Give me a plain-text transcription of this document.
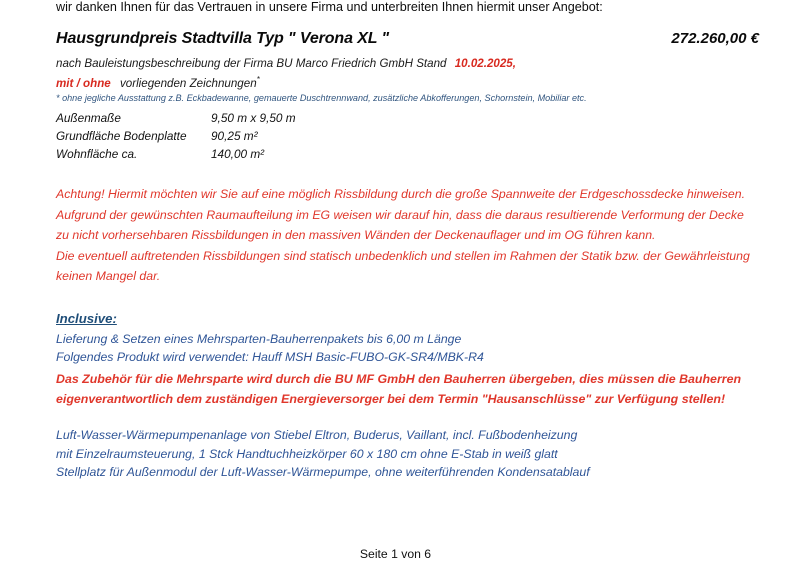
wir danken Ihnen für das Vertrauen in unsere Firma und unterbreiten Ihnen hiermit unser Angebot:
Hausgrundpreis Stadtvilla Typ " Verona XL "	272.260,00 €
nach Bauleistungsbeschreibung der Firma BU Marco Friedrich GmbH Stand 10.02.2025,
mit / ohne vorliegenden Zeichnungen*
* ohne jegliche Ausstattung z.B. Eckbadewanne, gemauerte Duschtrennwand, zusätzliche Abkofferungen, Schornstein, Mobiliar etc.
Außenmaße	9,50 m x 9,50 m
Grundfläche Bodenplatte	90,25 m²
Wohnfläche ca.	140,00 m²
Achtung! Hiermit möchten wir Sie auf eine möglich Rissbildung durch die große Spannweite der Erdgeschossdecke hinweisen. Aufgrund der gewünschten Raumaufteilung im EG weisen wir darauf hin, dass die daraus resultierende Verformung der Decke zu nicht vorhersehbaren Rissbildungen in den massiven Wänden der Deckenauflager und im OG führen kann.
Die eventuell auftretenden Rissbildungen sind statisch unbedenklich und stellen im Rahmen der Statik bzw. der Gewährleistung keinen Mangel dar.
Inclusive:
Lieferung & Setzen eines Mehrsparten-Bauherrenpakets bis 6,00 m Länge
Folgendes Produkt wird verwendet: Hauff MSH Basic-FUBO-GK-SR4/MBK-R4
Das Zubehör für die Mehrsparte wird durch die BU MF GmbH den Bauherren übergeben, dies müssen die Bauherren eigenverantwortlich dem zuständigen Energieversorger bei dem Termin "Hausanschlüsse" zur Verfügung stellen!
Luft-Wasser-Wärmepumpenanlage von Stiebel Eltron, Buderus, Vaillant, incl. Fußbodenheizung
mit Einzelraumsteuerung, 1 Stck Handtuchheizkörper 60 x 180 cm ohne E-Stab in weiß glatt
Stellplatz für Außenmodul der Luft-Wasser-Wärmepumpe, ohne weiterführenden Kondensatablauf
Seite 1 von 6
